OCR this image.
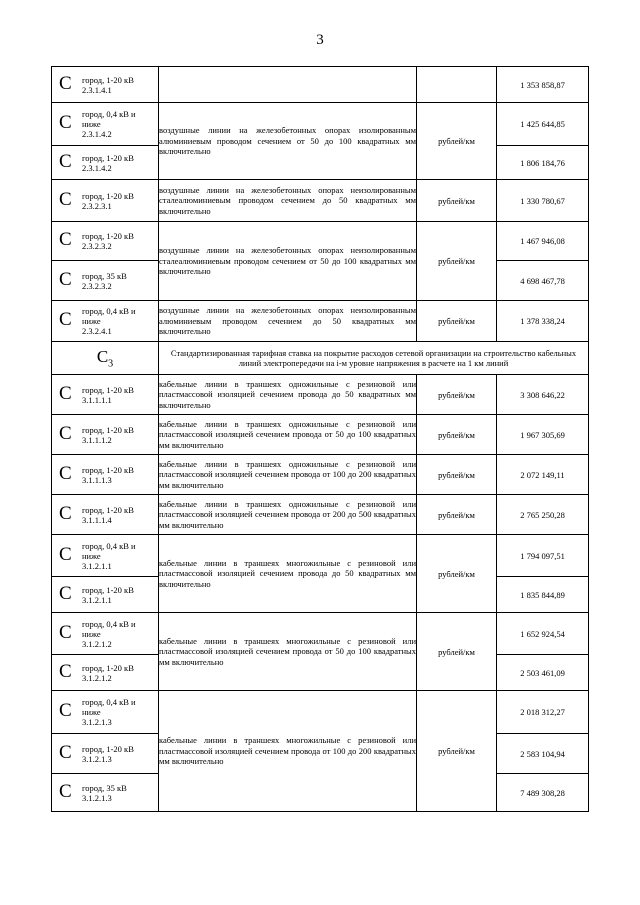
3
C город, 1-20 кВ
2.3.1.4.1			1 353 858,87

C город, 0,4 кВ и
ниже
2.3.1.4.2	воздушные линии на железобетонных опорах изолированным алюминиевым проводом сечением от 50 до 100 квадратных мм включительно	рублей/км	1 425 644,85

C город, 1-20 кВ
2.3.1.4.2			1 806 184,76

C город, 1-20 кВ
2.3.2.3.1	воздушные линии на железобетонных опорах неизолированным сталеалюминиевым проводом сечением до 50 квадратных мм включительно	рублей/км	1 330 780,67

C город, 1-20 кВ
2.3.2.3.2	воздушные линии на железобетонных опорах неизолированным сталеалюминиевым проводом сечением от 50 до 100 квадратных мм включительно	рублей/км	1 467 946,08

C город, 35 кВ
2.3.2.3.2			4 698 467,78

C город, 0,4 кВ и
ниже
2.3.2.4.1	воздушные линии на железобетонных опорах неизолированным алюминиевым проводом сечением до 50 квадратных мм включительно	рублей/км	1 378 338,24
$C_3$	Стандартизированная тарифная ставка на покрытие расходов сетевой организации на строительство кабельных линий электропередачи на i-м уровне напряжения в расчете на 1 км линий		

C город, 1-20 кВ
3.1.1.1.1	кабельные линии в траншеях одножильные с резиновой или пластмассовой изоляцией сечением провода до 50 квадратных мм включительно	рублей/км	3 308 646,22

C город, 1-20 кВ
3.1.1.1.2	кабельные линии в траншеях одножильные с резиновой или пластмассовой изоляцией сечением провода от 50 до 100 квадратных мм включительно	рублей/км	1 967 305,69

C город, 1-20 кВ
3.1.1.1.3	кабельные линии в траншеях одножильные с резиновой или пластмассовой изоляцией сечением провода от 100 до 200 квадратных мм включительно	рублей/км	2 072 149,11

C город, 1-20 кВ
3.1.1.1.4	кабельные линии в траншеях одножильные с резиновой или пластмассовой изоляцией сечением провода от 200 до 500 квадратных мм включительно	рублей/км	2 765 250,28

C город, 0,4 кВ и
ниже
3.1.2.1.1	кабельные линии в траншеях многожильные с резиновой или пластмассовой изоляцией сечением провода до 50 квадратных мм включительно	рублей/км	1 794 097,51

C город, 1-20 кВ
3.1.2.1.1			1 835 844,89

C город, 0,4 кВ и
ниже
3.1.2.1.2	кабельные линии в траншеях многожильные с резиновой или пластмассовой изоляцией сечением провода от 50 до 100 квадратных мм включительно	рублей/км	1 652 924,54

C город, 1-20 кВ
3.1.2.1.2			2 503 461,09

C город, 0,4 кВ и
ниже
3.1.2.1.3	кабельные линии в траншеях многожильные с резиновой или пластмассовой изоляцией сечением провода от 100 до 200 квадратных мм включительно	рублей/км	2 018 312,27

C город, 1-20 кВ
3.1.2.1.3			2 583 104,94

C город, 35 кВ
3.1.2.1.3			7 489 308,28
